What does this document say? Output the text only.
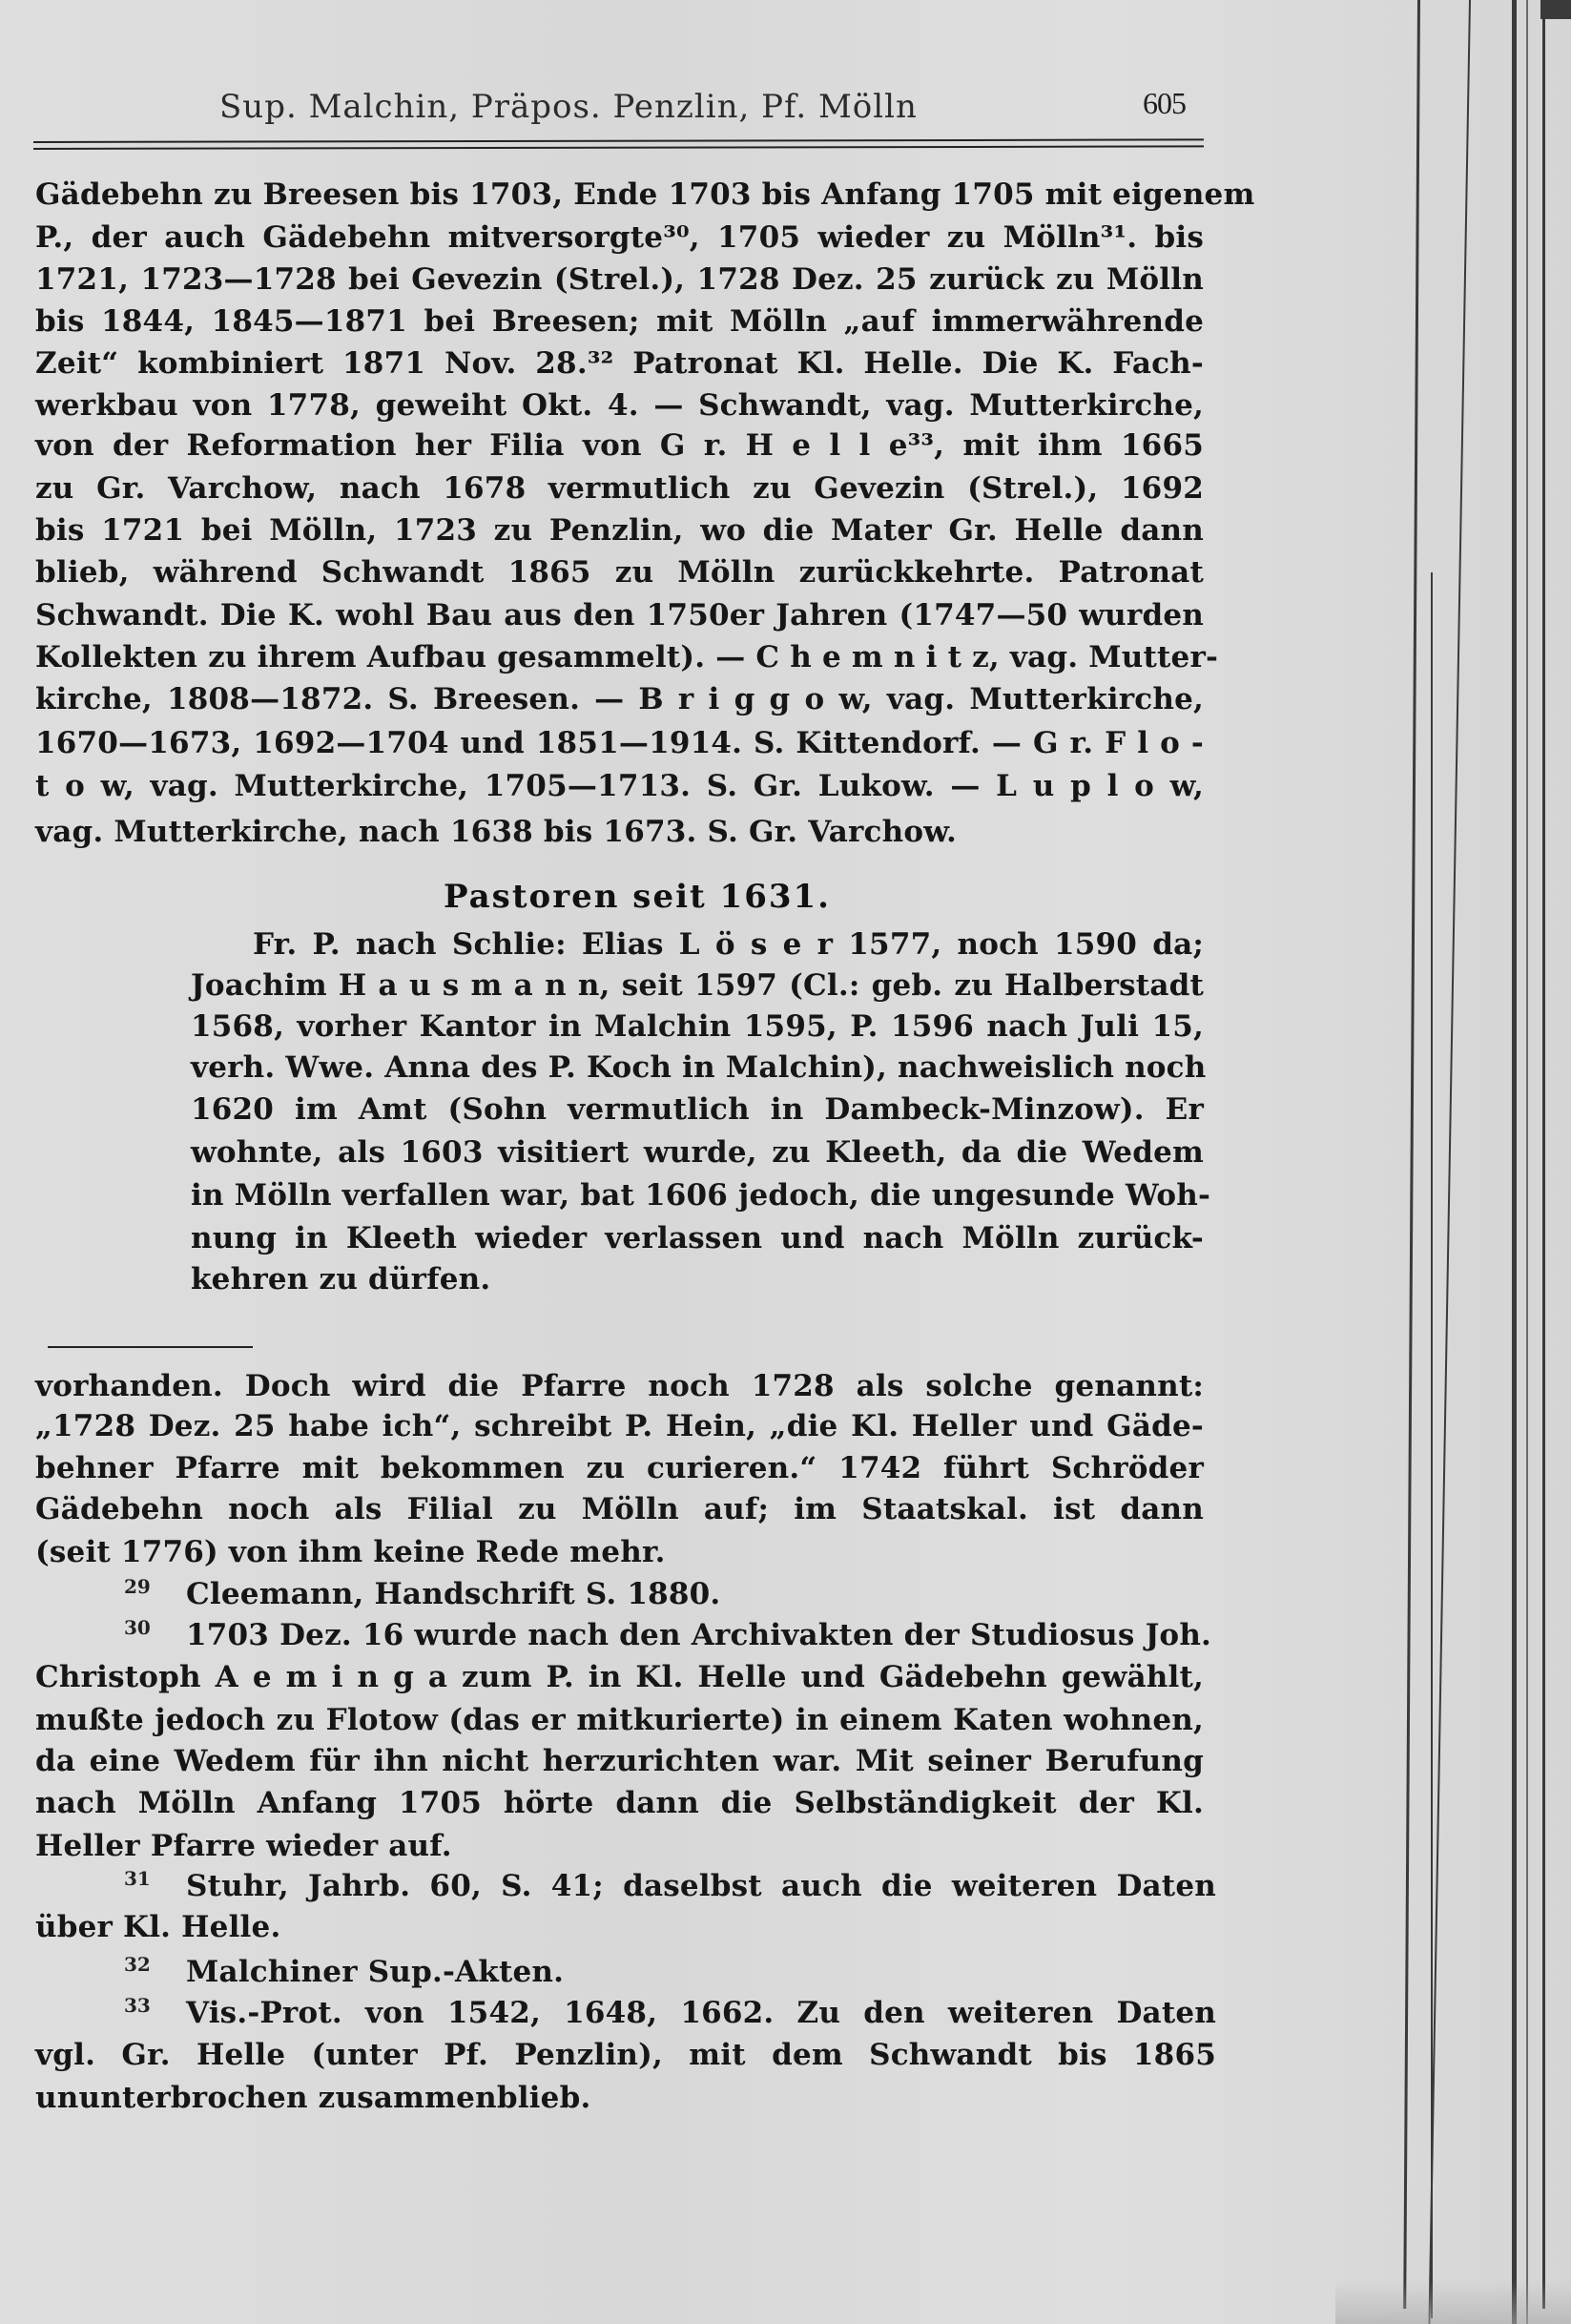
Sup. Malchin, Präpos. Penzlin, Pf. Mölln	605
Gädebehn zu Breesen bis 1703, Ende 1703 bis Anfang 1705 mit eigenem
P., der auch Gädebehn mitversorgte³⁰, 1705 wieder zu Mölln³¹. bis
1721, 1723—1728 bei Gevezin (Strel.), 1728 Dez. 25 zurück zu Mölln
bis 1844, 1845—1871 bei Breesen; mit Mölln „auf immerwährende
Zeit“ kombiniert 1871 Nov. 28.³² Patronat Kl. Helle. Die K. Fach-
werkbau von 1778, geweiht Okt. 4. — Schwandt, vag. Mutterkirche,
von der Reformation her Filia von G r. H e l l e³³, mit ihm 1665
zu Gr. Varchow, nach 1678 vermutlich zu Gevezin (Strel.), 1692
bis 1721 bei Mölln, 1723 zu Penzlin, wo die Mater Gr. Helle dann
blieb, während Schwandt 1865 zu Mölln zurückkehrte. Patronat
Schwandt. Die K. wohl Bau aus den 1750er Jahren (1747—50 wurden
Kollekten zu ihrem Aufbau gesammelt). — C h e m n i t z, vag. Mutter-
kirche, 1808—1872. S. Breesen. — B r i g g o w, vag. Mutterkirche,
1670—1673, 1692—1704 und 1851—1914. S. Kittendorf. — G r. F l o -
t o w, vag. Mutterkirche, 1705—1713. S. Gr. Lukow. — L u p l o w,
vag. Mutterkirche, nach 1638 bis 1673. S. Gr. Varchow.
Pastoren seit 1631.
Fr. P. nach Schlie: Elias L ö s e r 1577, noch 1590 da;
Joachim H a u s m a n n, seit 1597 (Cl.: geb. zu Halberstadt
1568, vorher Kantor in Malchin 1595, P. 1596 nach Juli 15,
verh. Wwe. Anna des P. Koch in Malchin), nachweislich noch
1620 im Amt (Sohn vermutlich in Dambeck-Minzow). Er
wohnte, als 1603 visitiert wurde, zu Kleeth, da die Wedem
in Mölln verfallen war, bat 1606 jedoch, die ungesunde Woh-
nung in Kleeth wieder verlassen und nach Mölln zurück-
kehren zu dürfen.
vorhanden. Doch wird die Pfarre noch 1728 als solche genannt:
„1728 Dez. 25 habe ich“, schreibt P. Hein, „die Kl. Heller und Gäde-
behner Pfarre mit bekommen zu curieren.“ 1742 führt Schröder
Gädebehn noch als Filial zu Mölln auf; im Staatskal. ist dann
(seit 1776) von ihm keine Rede mehr.
29 Cleemann, Handschrift S. 1880.
30 1703 Dez. 16 wurde nach den Archivakten der Studiosus Joh.
Christoph A e m i n g a zum P. in Kl. Helle und Gädebehn gewählt,
mußte jedoch zu Flotow (das er mitkurierte) in einem Katen wohnen,
da eine Wedem für ihn nicht herzurichten war. Mit seiner Berufung
nach Mölln Anfang 1705 hörte dann die Selbständigkeit der Kl.
Heller Pfarre wieder auf.
31 Stuhr, Jahrb. 60, S. 41; daselbst auch die weiteren Daten
über Kl. Helle.
32 Malchiner Sup.-Akten.
33 Vis.-Prot. von 1542, 1648, 1662. Zu den weiteren Daten
vgl. Gr. Helle (unter Pf. Penzlin), mit dem Schwandt bis 1865
ununterbrochen zusammenblieb.
